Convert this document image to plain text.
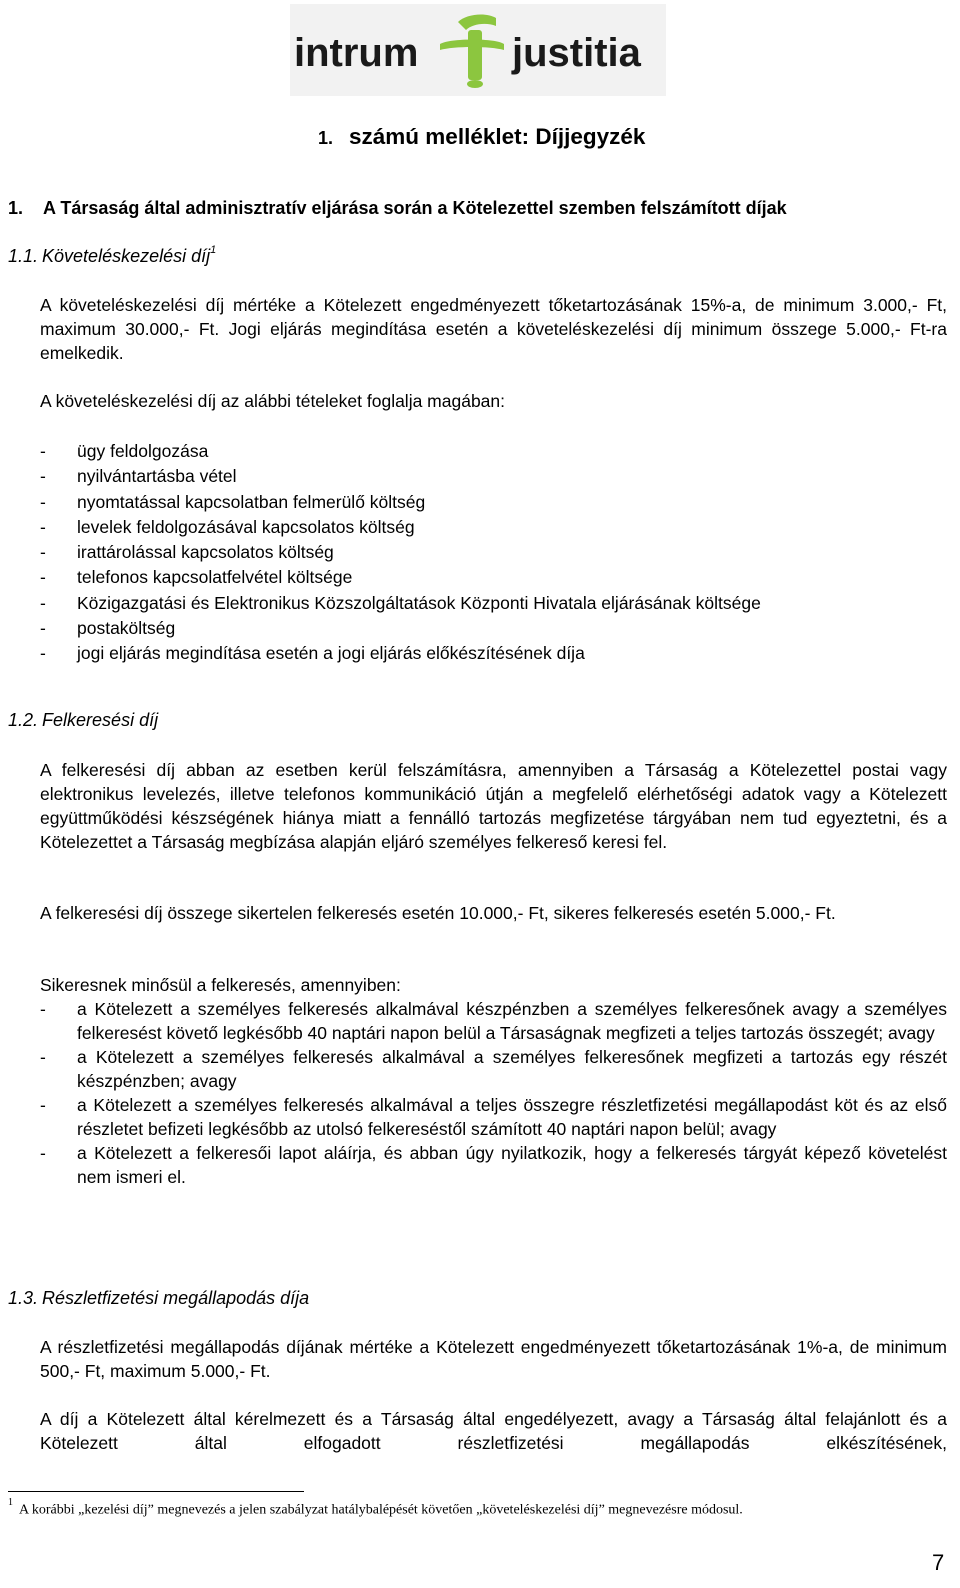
intrum justitia
1. számú melléklet: Díjjegyzék
1. A Társaság által adminisztratív eljárása során a Kötelezettel szemben felszámított díjak
1.1. Követeléskezelési díj$^1$
A követeléskezelési díj mértéke a Kötelezett engedményezett tőketartozásának 15%-a, de minimum 3.000,- Ft, maximum 30.000,- Ft. Jogi eljárás megindítása esetén a követeléskezelési díj minimum összege 5.000,- Ft-ra emelkedik.
A követeléskezelési díj az alábbi tételeket foglalja magában:
- ügy feldolgozása
- nyilvántartásba vétel
- nyomtatással kapcsolatban felmerülő költség
- levelek feldolgozásával kapcsolatos költség
- irattárolással kapcsolatos költség
- telefonos kapcsolatfelvétel költsége
- Közigazgatási és Elektronikus Közszolgáltatások Központi Hivatala eljárásának költsége
- postaköltség
- jogi eljárás megindítása esetén a jogi eljárás előkészítésének díja
1.2. Felkeresési díj
A felkeresési díj abban az esetben kerül felszámításra, amennyiben a Társaság a Kötelezettel postai vagy elektronikus levelezés, illetve telefonos kommunikáció útján a megfelelő elérhetőségi adatok vagy a Kötelezett együttműködési készségének hiánya miatt a fennálló tartozás megfizetése tárgyában nem tud egyeztetni, és a Kötelezettet a Társaság megbízása alapján eljáró személyes felkereső keresi fel.
A felkeresési díj összege sikertelen felkeresés esetén 10.000,- Ft, sikeres felkeresés esetén 5.000,- Ft.
Sikeresnek minősül a felkeresés, amennyiben:
- a Kötelezett a személyes felkeresés alkalmával készpénzben a személyes felkeresőnek avagy a személyes felkeresést követő legkésőbb 40 naptári napon belül a Társaságnak megfizeti a teljes tartozás összegét; avagy
- a Kötelezett a személyes felkeresés alkalmával a személyes felkeresőnek megfizeti a tartozás egy részét készpénzben; avagy
- a Kötelezett a személyes felkeresés alkalmával a teljes összegre részletfizetési megállapodást köt és az első részletet befizeti legkésőbb az utolsó felkereséstől számított 40 naptári napon belül; avagy
- a Kötelezett a felkeresői lapot aláírja, és abban úgy nyilatkozik, hogy a felkeresés tárgyát képező követelést nem ismeri el.
1.3. Részletfizetési megállapodás díja
A részletfizetési megállapodás díjának mértéke a Kötelezett engedményezett tőketartozásának 1%-a, de minimum 500,- Ft, maximum 5.000,- Ft.
A díj a Kötelezett által kérelmezett és a Társaság által engedélyezett, avagy a Társaság által felajánlott és a Kötelezett által elfogadott részletfizetési megállapodás elkészítésének,
$^1$A korábbi „kezelési díj” megnevezés a jelen szabályzat hatálybalépését követően „követeléskezelési díj” megnevezésre módosul.
7
